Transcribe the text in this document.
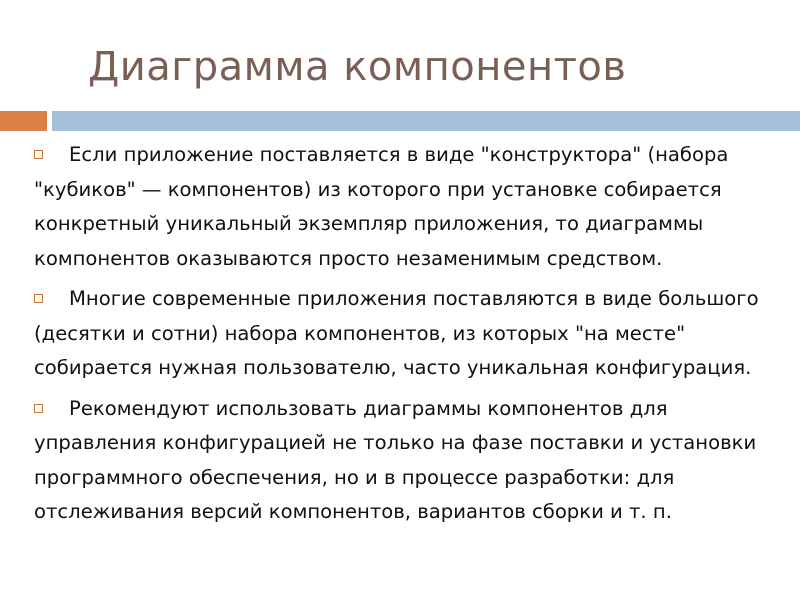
Диаграмма компонентов

Если приложение поставляется в виде "конструктора" (набора "кубиков" — компонентов) из которого при установке собирается конкретный уникальный экземпляр приложения, то диаграммы компонентов оказываются просто незаменимым средством.

Многие современные приложения поставляются в виде большого (десятки и сотни) набора компонентов, из которых "на месте" собирается нужная пользователю, часто уникальная конфигурация.

Рекомендуют использовать диаграммы компонентов для управления конфигурацией не только на фазе поставки и установки программного обеспечения, но и в процессе разработки: для отслеживания версий компонентов, вариантов сборки и т. п.
